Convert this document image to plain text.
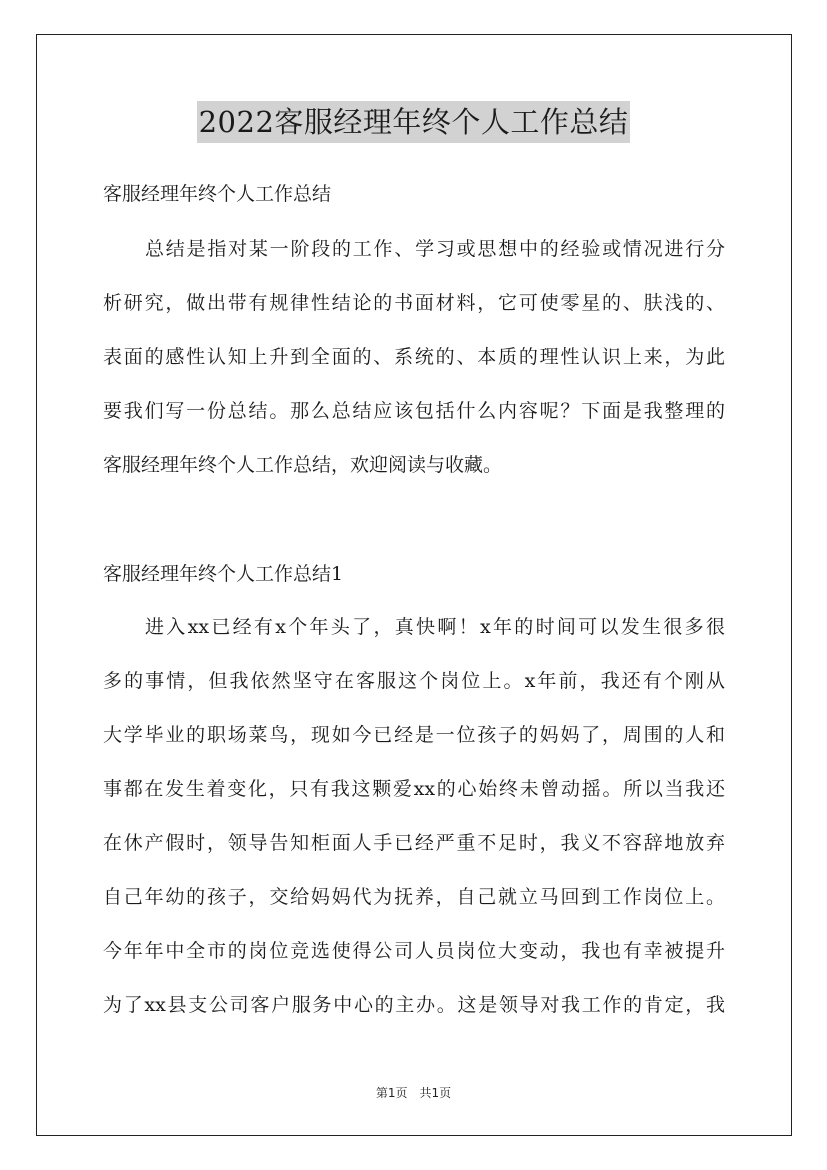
2022客服经理年终个人工作总结
客服经理年终个人工作总结
总结是指对某一阶段的工作、学习或思想中的经验或情况进行分
析研究，做出带有规律性结论的书面材料，它可使零星的、肤浅的、
表面的感性认知上升到全面的、系统的、本质的理性认识上来，为此
要我们写一份总结。那么总结应该包括什么内容呢？下面是我整理的
客服经理年终个人工作总结，欢迎阅读与收藏。
客服经理年终个人工作总结1
进入xx已经有x个年头了，真快啊！x年的时间可以发生很多很
多的事情，但我依然坚守在客服这个岗位上。x年前，我还有个刚从
大学毕业的职场菜鸟，现如今已经是一位孩子的妈妈了，周围的人和
事都在发生着变化，只有我这颗爱xx的心始终未曾动摇。所以当我还
在休产假时，领导告知柜面人手已经严重不足时，我义不容辞地放弃
自己年幼的孩子，交给妈妈代为抚养，自己就立马回到工作岗位上。
今年年中全市的岗位竞选使得公司人员岗位大变动，我也有幸被提升
为了xx县支公司客户服务中心的主办。这是领导对我工作的肯定，我
第1页 共1页
